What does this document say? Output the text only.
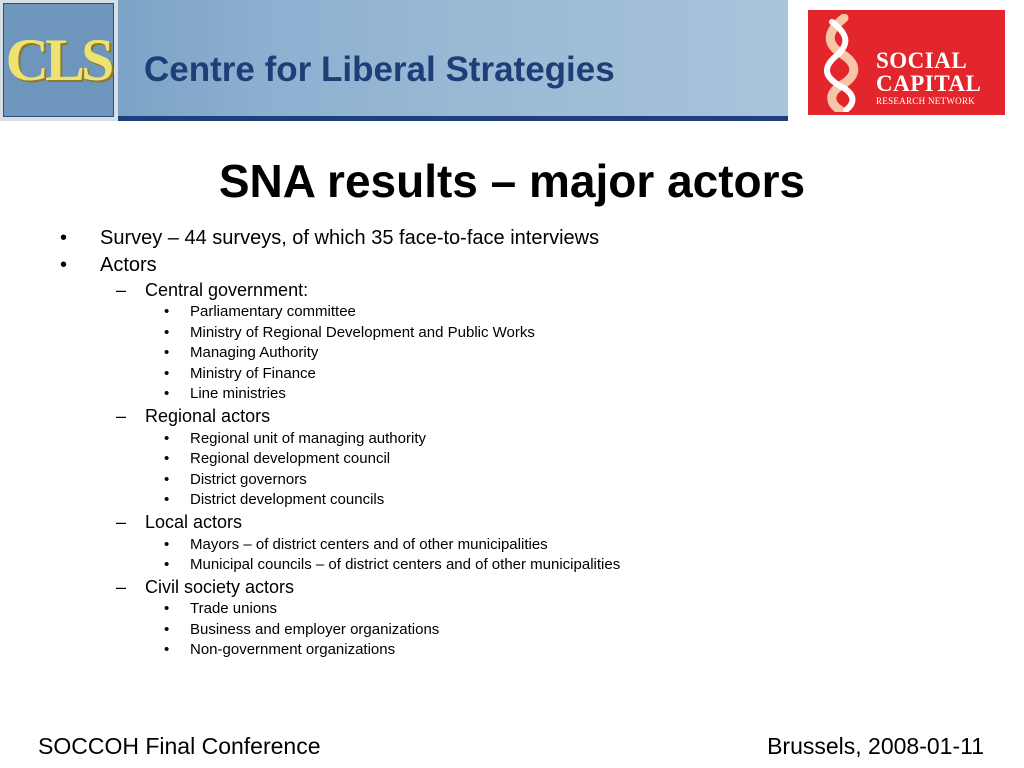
CLS Centre for Liberal Strategies	SOCIAL
CAPITAL
RESEARCH NETWORK
SNA results – major actors
• Survey – 44 surveys, of which 35 face-to-face interviews
• Actors
– Central government:
• Parliamentary committee
• Ministry of Regional Development and Public Works
• Managing Authority
• Ministry of Finance
• Line ministries
– Regional actors
• Regional unit of managing authority
• Regional development council
• District governors
• District development councils
– Local actors
• Mayors – of district centers and of other municipalities
• Municipal councils – of district centers and of other municipalities
– Civil society actors
• Trade unions
• Business and employer organizations
• Non-government organizations
SOCCOH Final Conference	Brussels, 2008-01-11
